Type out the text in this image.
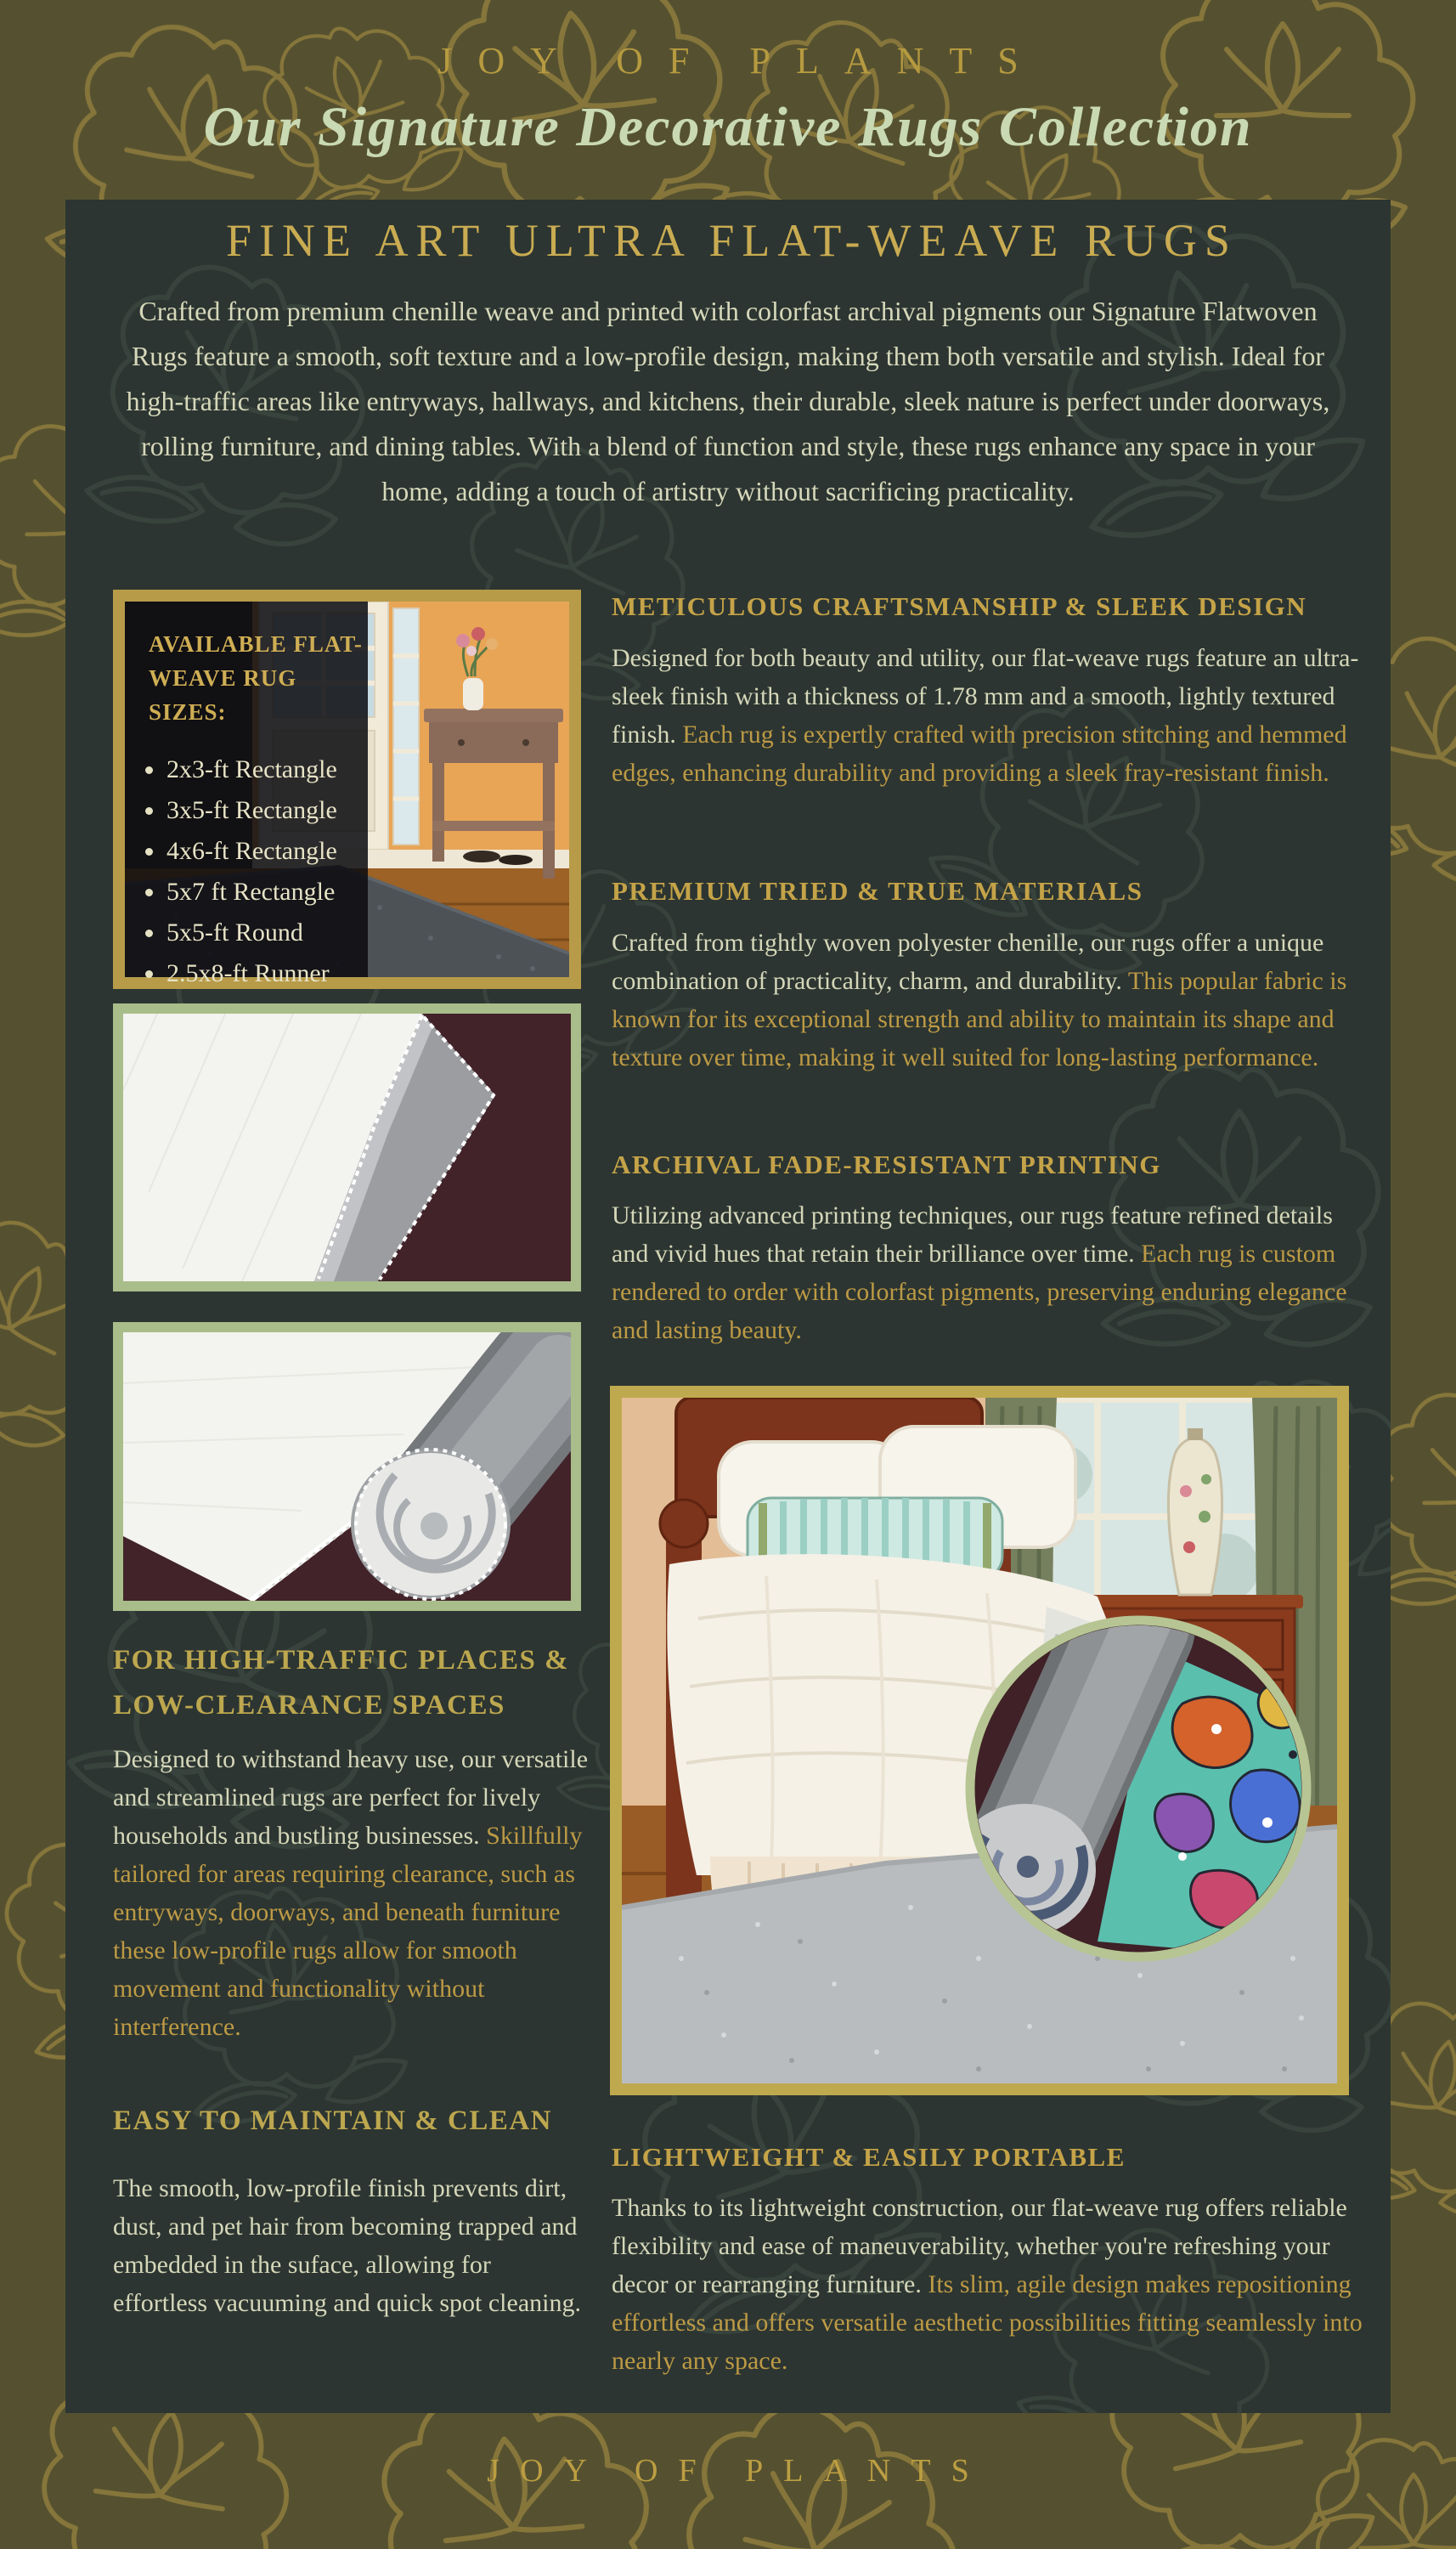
JOY OF PLANTS
Our Signature Decorative Rugs Collection
FINE ART ULTRA FLAT-WEAVE RUGS

Crafted from premium chenille weave and printed with colorfast archival pigments our Signature Flatwoven Rugs feature a smooth, soft texture and a low-profile design, making them both versatile and stylish. Ideal for high-traffic areas like entryways, hallways, and kitchens, their durable, sleek nature is perfect under doorways, rolling furniture, and dining tables. With a blend of function and style, these rugs enhance any space in your home, adding a touch of artistry without sacrificing practicality.

AVAILABLE FLAT-
WEAVE RUG SIZES:
2x3-ft Rectangle
3x5-ft Rectangle
4x6-ft Rectangle
5x7 ft Rectangle
5x5-ft Round
2.5x8-ft Runner
FOR HIGH-TRAFFIC PLACES &
LOW-CLEARANCE SPACES

Designed to withstand heavy use, our versatile and streamlined rugs are perfect for lively households and bustling businesses. Skillfully tailored for areas requiring clearance, such as entryways, doorways, and beneath furniture these low-profile rugs allow for smooth movement and functionality without interference.

EASY TO MAINTAIN & CLEAN

The smooth, low-profile finish prevents dirt, dust, and pet hair from becoming trapped and embedded in the suface, allowing for effortless vacuuming and quick spot cleaning.

METICULOUS CRAFTSMANSHIP & SLEEK DESIGN

Designed for both beauty and utility, our flat-weave rugs feature an ultra-sleek finish with a thickness of 1.78 mm and a smooth, lightly textured finish. Each rug is expertly crafted with precision stitching and hemmed edges, enhancing durability and providing a sleek fray-resistant finish.

PREMIUM TRIED & TRUE MATERIALS

Crafted from tightly woven polyester chenille, our rugs offer a unique combination of practicality, charm, and durability. This popular fabric is known for its exceptional strength and ability to maintain its shape and texture over time, making it well suited for long-lasting performance.

ARCHIVAL FADE-RESISTANT PRINTING

Utilizing advanced printing techniques, our rugs feature refined details and vivid hues that retain their brilliance over time. Each rug is custom rendered to order with colorfast pigments, preserving enduring elegance and lasting beauty.

LIGHTWEIGHT & EASILY PORTABLE

Thanks to its lightweight construction, our flat-weave rug offers reliable flexibility and ease of maneuverability, whether you're refreshing your decor or rearranging furniture. Its slim, agile design makes repositioning effortless and offers versatile aesthetic possibilities fitting seamlessly into nearly any space.

JOY OF PLANTS
